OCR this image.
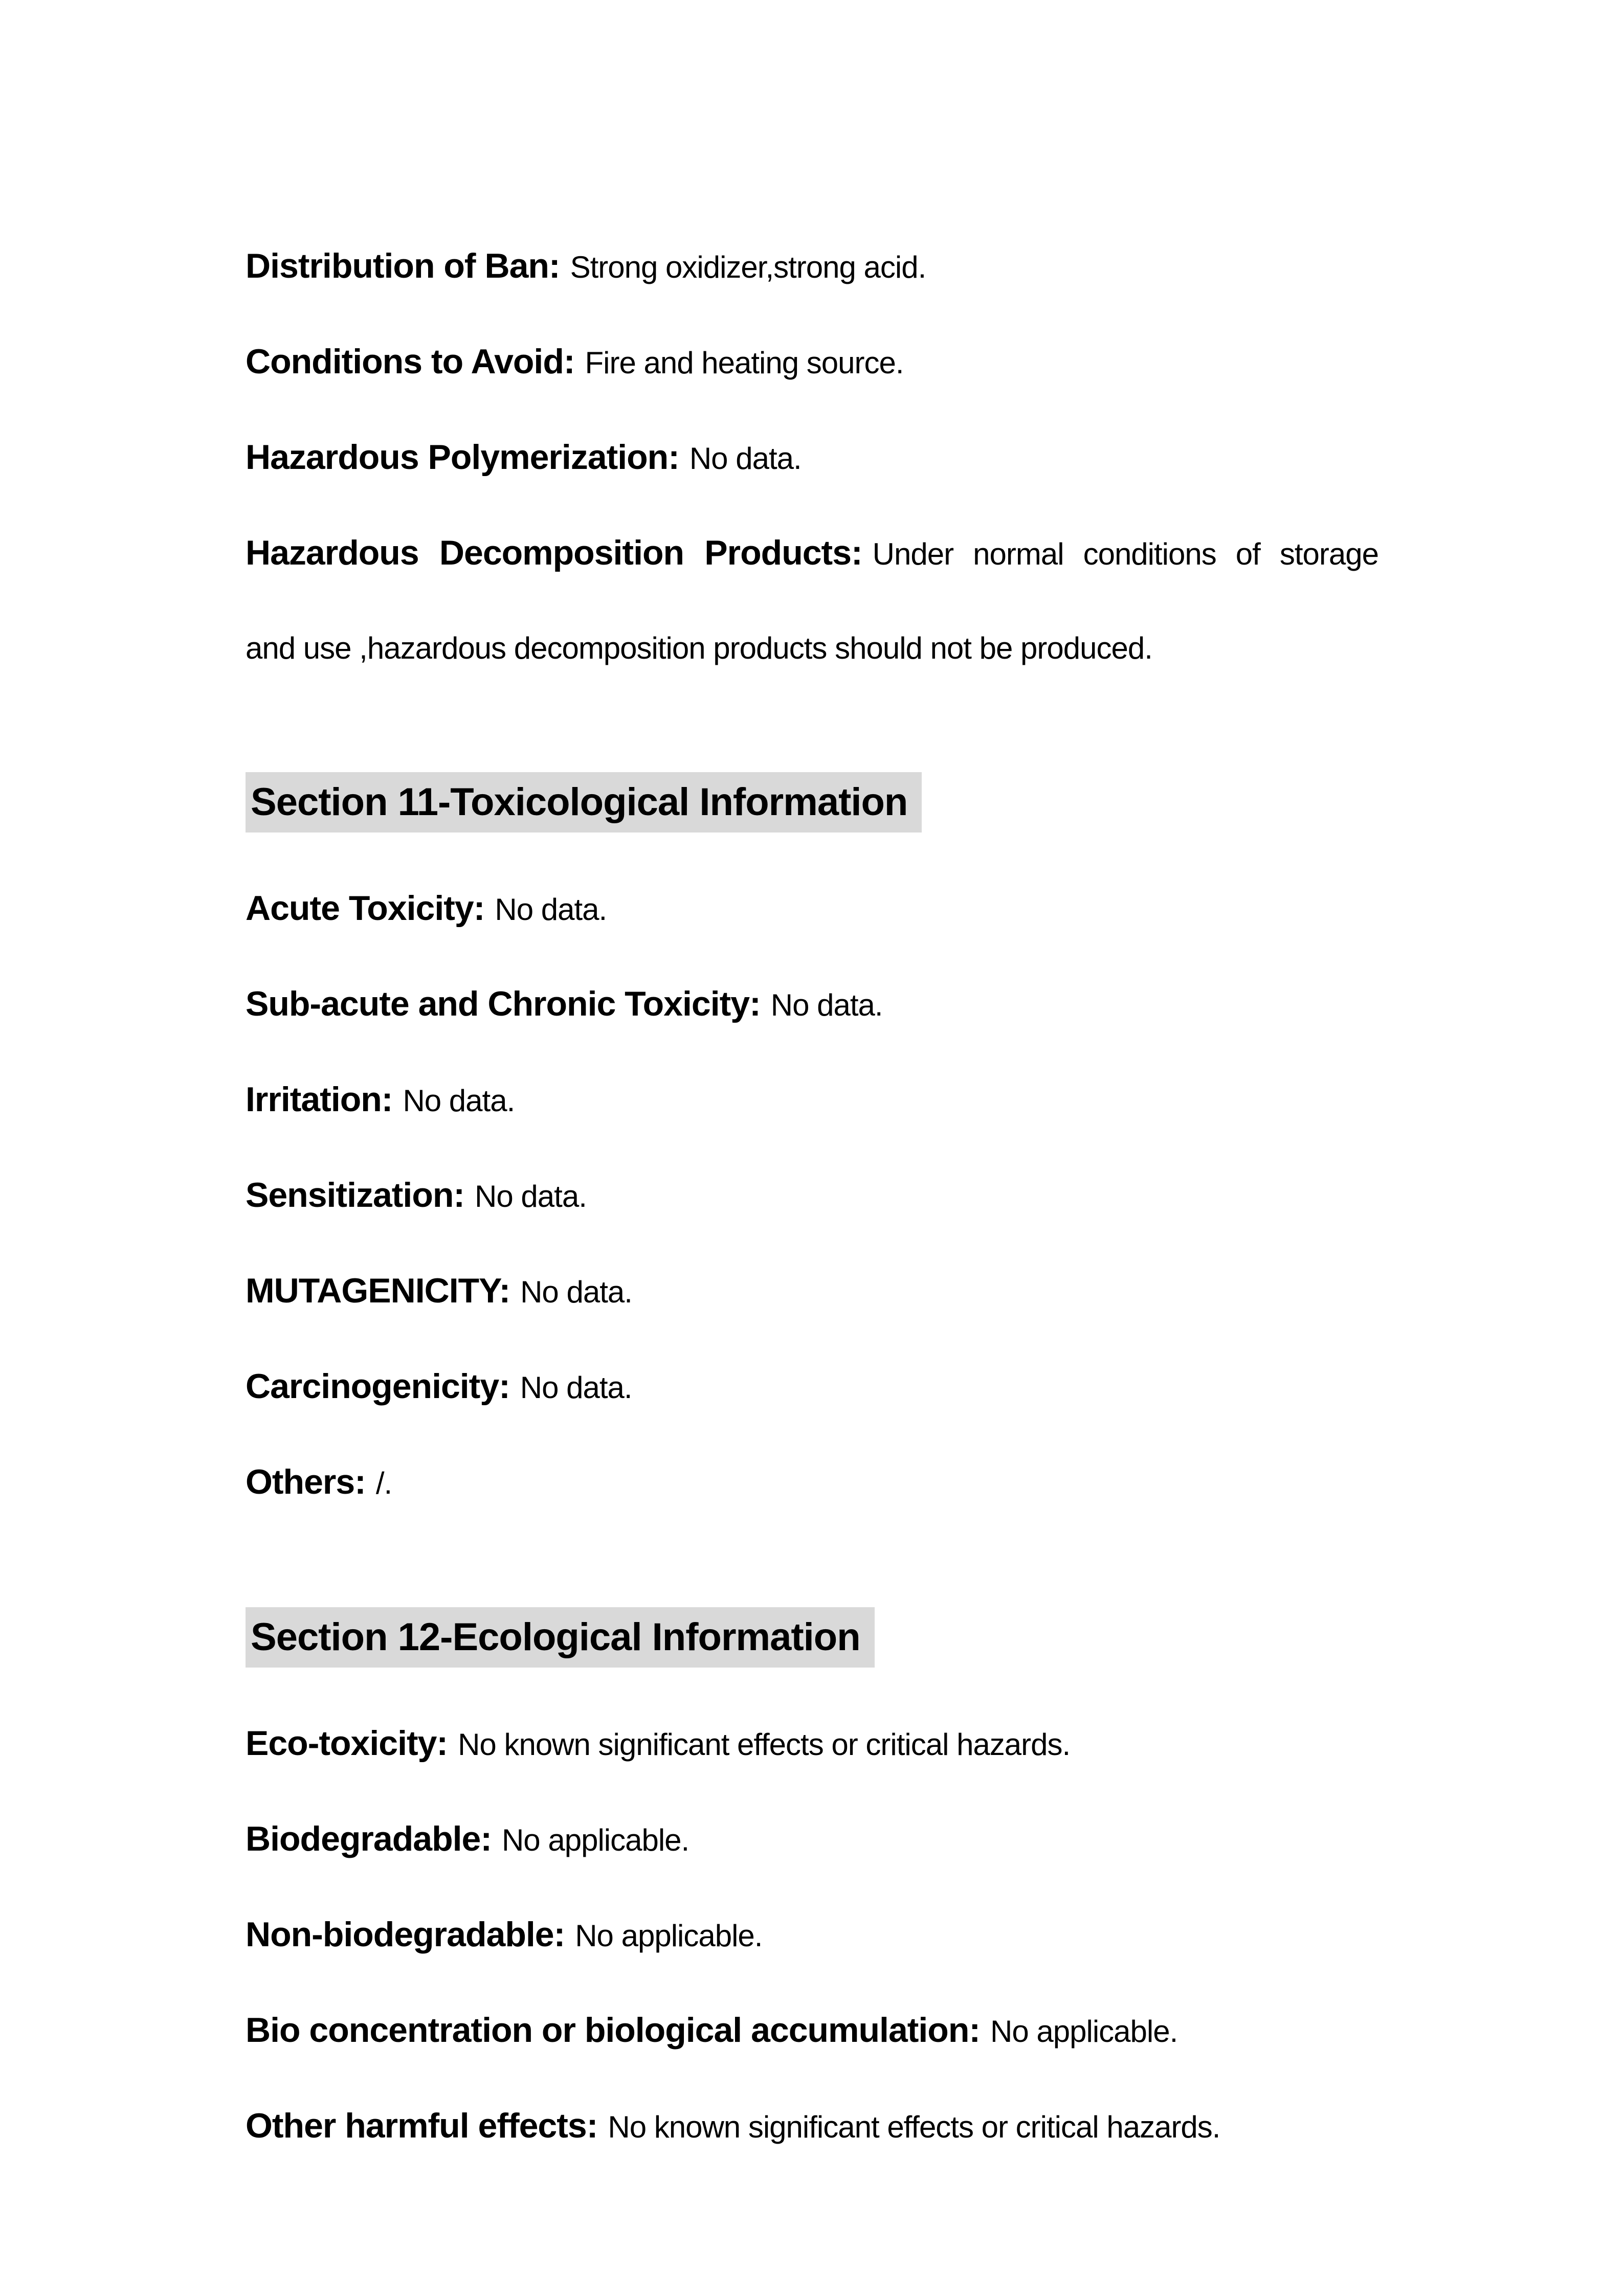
Distribution of Ban: Strong oxidizer,strong acid.

Conditions to Avoid: Fire and heating source.

Hazardous Polymerization: No data.

Hazardous Decomposition Products: Under normal conditions of storage
and use ,hazardous decomposition products should not be produced.
Section 11-Toxicological Information

Acute Toxicity: No data.

Sub-acute and Chronic Toxicity: No data.

Irritation: No data.

Sensitization: No data.

MUTAGENICITY: No data.

Carcinogenicity: No data.

Others: /.

Section 12-Ecological Information

Eco-toxicity: No known significant effects or critical hazards.

Biodegradable: No applicable.

Non-biodegradable: No applicable.

Bio concentration or biological accumulation: No applicable.

Other harmful effects: No known significant effects or critical hazards.
